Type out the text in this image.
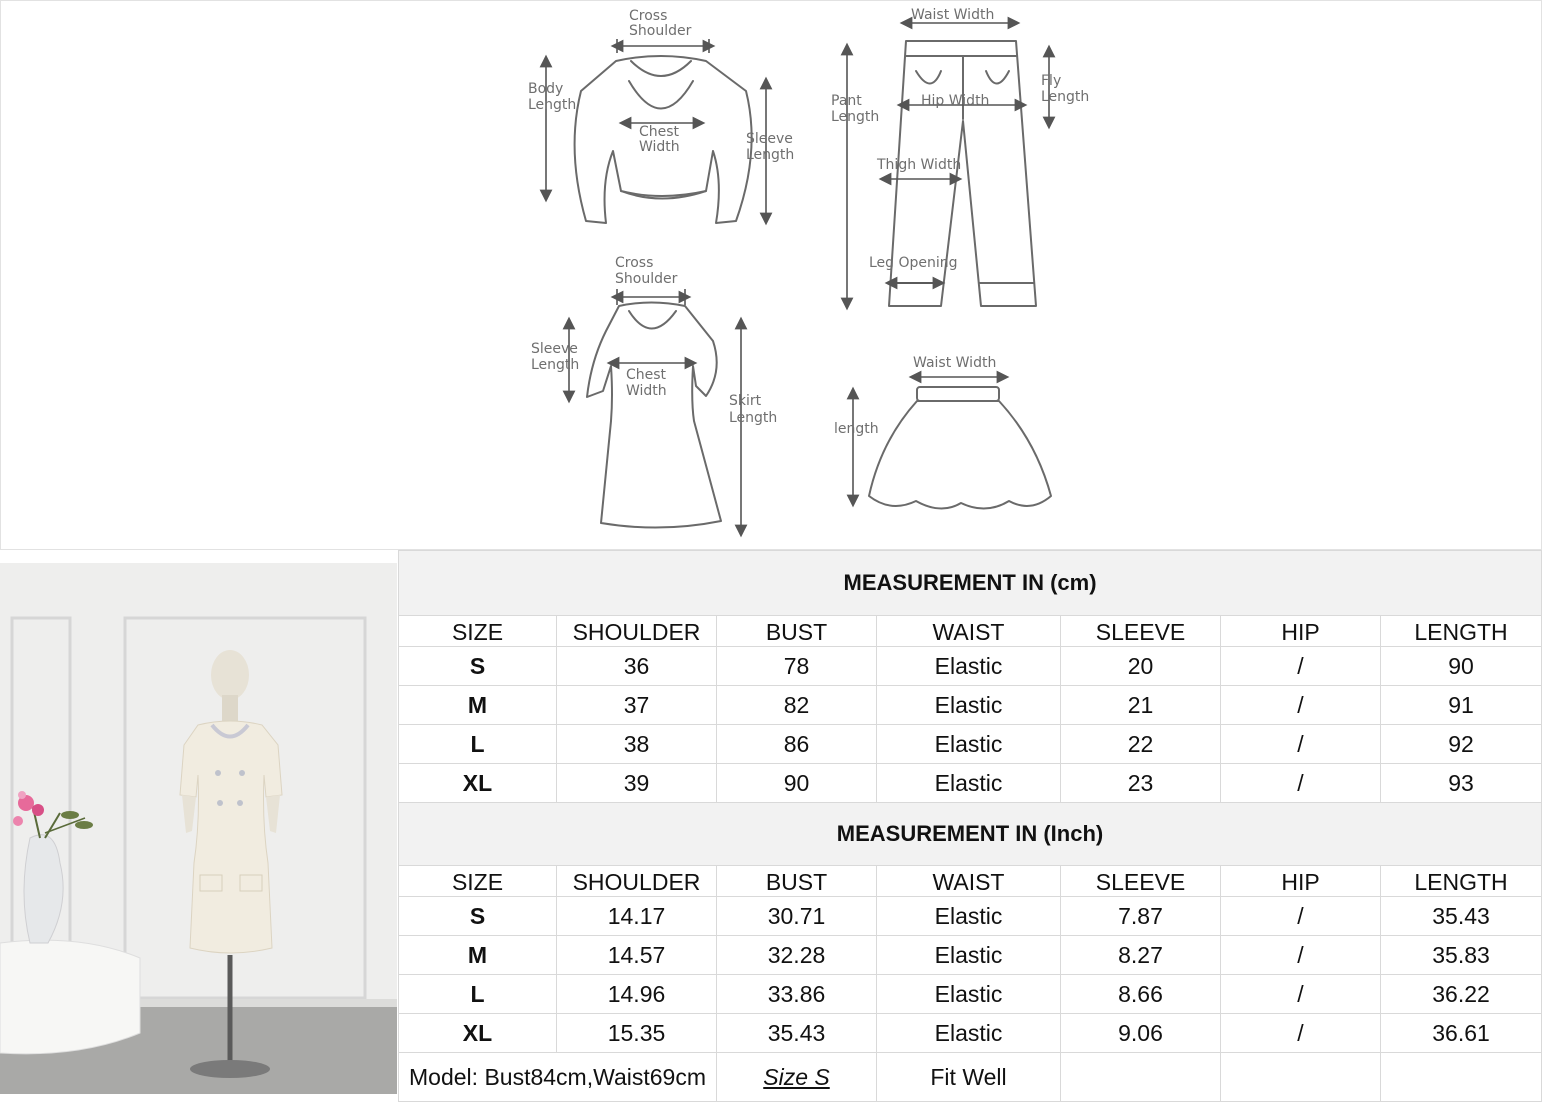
Cross
Shoulder
Body
Length
Chest
Width	Sleeve
Length
Waist Width
Pant
Length
Fly
Length
Hip Width
Thigh Width
Leg Opening
Cross
Shoulder
Sleeve
Length
Chest
Width
Skirt
Length
Waist Width
length
MEASUREMENT IN (cm)						
SIZE	SHOULDER	BUST	WAIST	SLEEVE	HIP	LENGTH
S	36	78	Elastic	20	/	90
M	37	82	Elastic	21	/	91
L	38	86	Elastic	22	/	92
XL	39	90	Elastic	23	/	93
MEASUREMENT IN (Inch)						
SIZE	SHOULDER	BUST	WAIST	SLEEVE	HIP	LENGTH
S	14.17	30.71	Elastic	7.87	/	35.43
M	14.57	32.28	Elastic	8.27	/	35.83
L	14.96	33.86	Elastic	8.66	/	36.22
XL	15.35	35.43	Elastic	9.06	/	36.61
Model: Bust84cm,Waist69cm		Size S	Fit Well			
